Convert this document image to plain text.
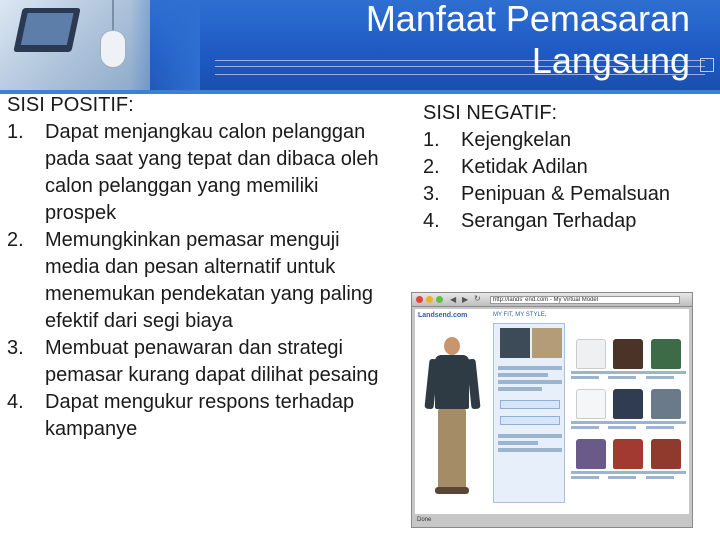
Manfaat Pemasaran
Langsung
SISI POSITIF:
1. Dapat menjangkau calon pelanggan pada saat yang tepat dan dibaca oleh calon pelanggan yang memiliki prospek
2. Memungkinkan pemasar menguji media dan pesan alternatif untuk menemukan pendekatan yang paling efektif dari segi biaya
3. Membuat penawaran dan strategi pemasar kurang dapat dilihat pesaing
4. Dapat mengukur respons terhadap kampanye
SISI NEGATIF:
1. Kejengkelan
2. Ketidak Adilan
3. Penipuan & Pemalsuan
4. Serangan Terhadap
◀ ▶ ↻	http://lands' end.com - My Virtual Model
Landsend.com	MY FIT, MY STYLE,
Done
